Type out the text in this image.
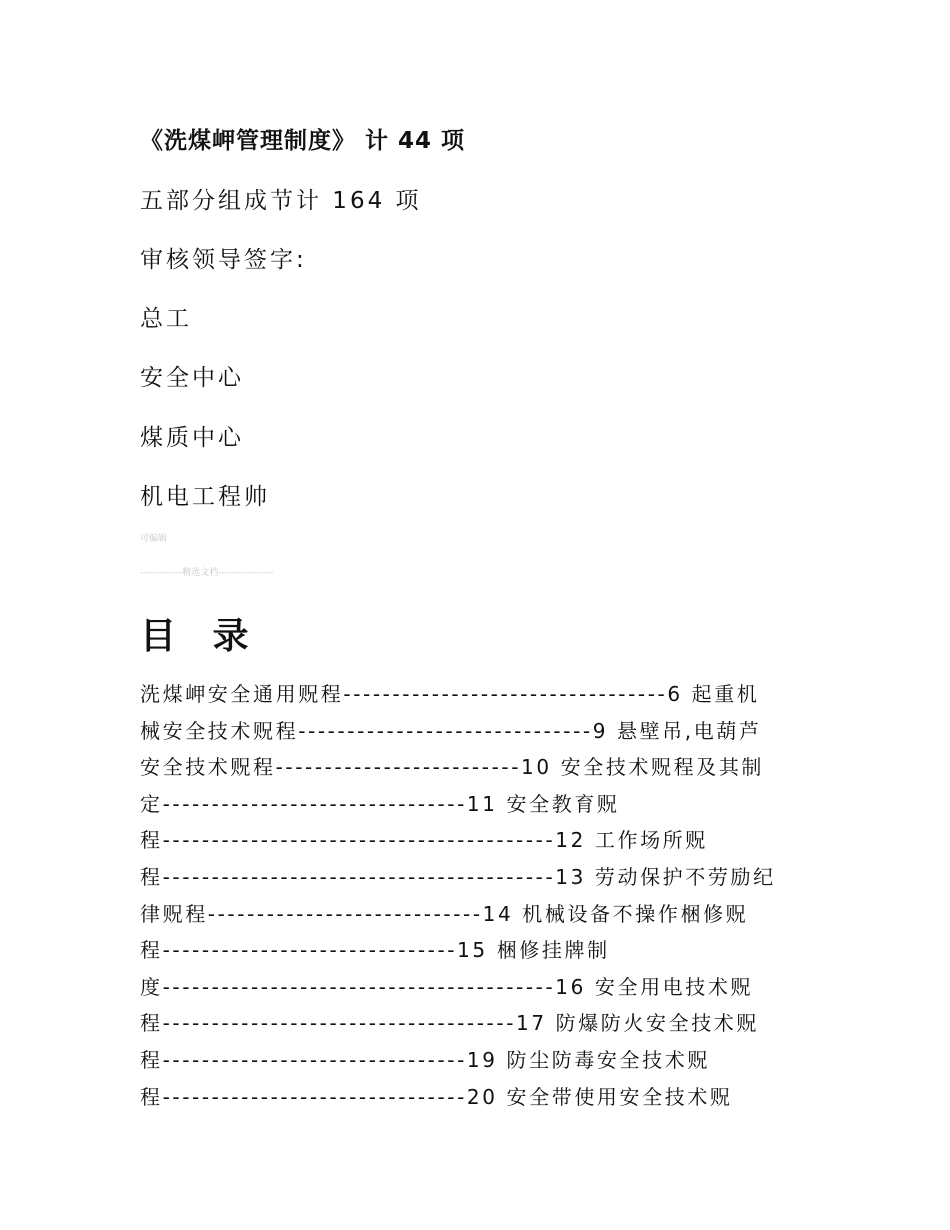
《洗煤岬管理制度》 计 44 项
五部分组成节计 164 项
审核领导签字:
总工
安全中心
煤质中心
机电工程帅
可编辑
-------------精选文档-----------------
目 录
洗煤岬安全通用贶程---------------------------------6 起重机
械安全技术贶程------------------------------9 悬壁吊,电葫芦
安全技术贶程-------------------------10 安全技术贶程及其制
定-------------------------------11 安全教育贶
程----------------------------------------12 工作场所贶
程----------------------------------------13 劳动保护不劳励纪
律贶程----------------------------14 机械设备不操作梱修贶
程------------------------------15 梱修挂牌制
度----------------------------------------16 安全用电技术贶
程------------------------------------17 防爆防火安全技术贶
程-------------------------------19 防尘防毒安全技术贶
程-------------------------------20 安全带使用安全技术贶
